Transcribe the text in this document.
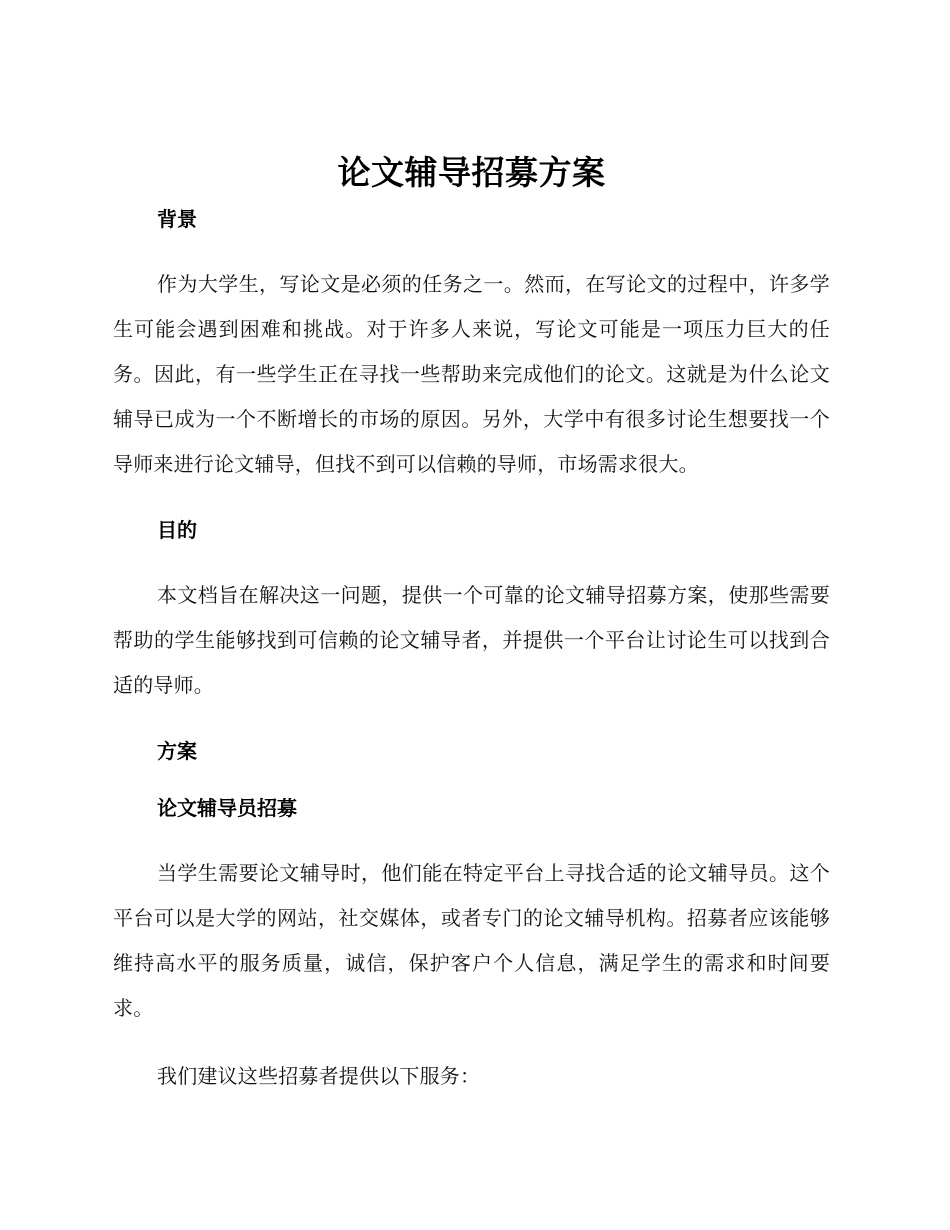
论文辅导招募方案
背景

作为大学生，写论文是必须的任务之一。然而，在写论文的过程中，许多学生可能会遇到困难和挑战。对于许多人来说，写论文可能是一项压力巨大的任务。因此，有一些学生正在寻找一些帮助来完成他们的论文。这就是为什么论文辅导已成为一个不断增长的市场的原因。另外，大学中有很多讨论生想要找一个导师来进行论文辅导，但找不到可以信赖的导师，市场需求很大。

目的

本文档旨在解决这一问题，提供一个可靠的论文辅导招募方案，使那些需要帮助的学生能够找到可信赖的论文辅导者，并提供一个平台让讨论生可以找到合适的导师。

方案
论文辅导员招募

当学生需要论文辅导时，他们能在特定平台上寻找合适的论文辅导员。这个平台可以是大学的网站，社交媒体，或者专门的论文辅导机构。招募者应该能够维持高水平的服务质量，诚信，保护客户个人信息，满足学生的需求和时间要求。

我们建议这些招募者提供以下服务：
